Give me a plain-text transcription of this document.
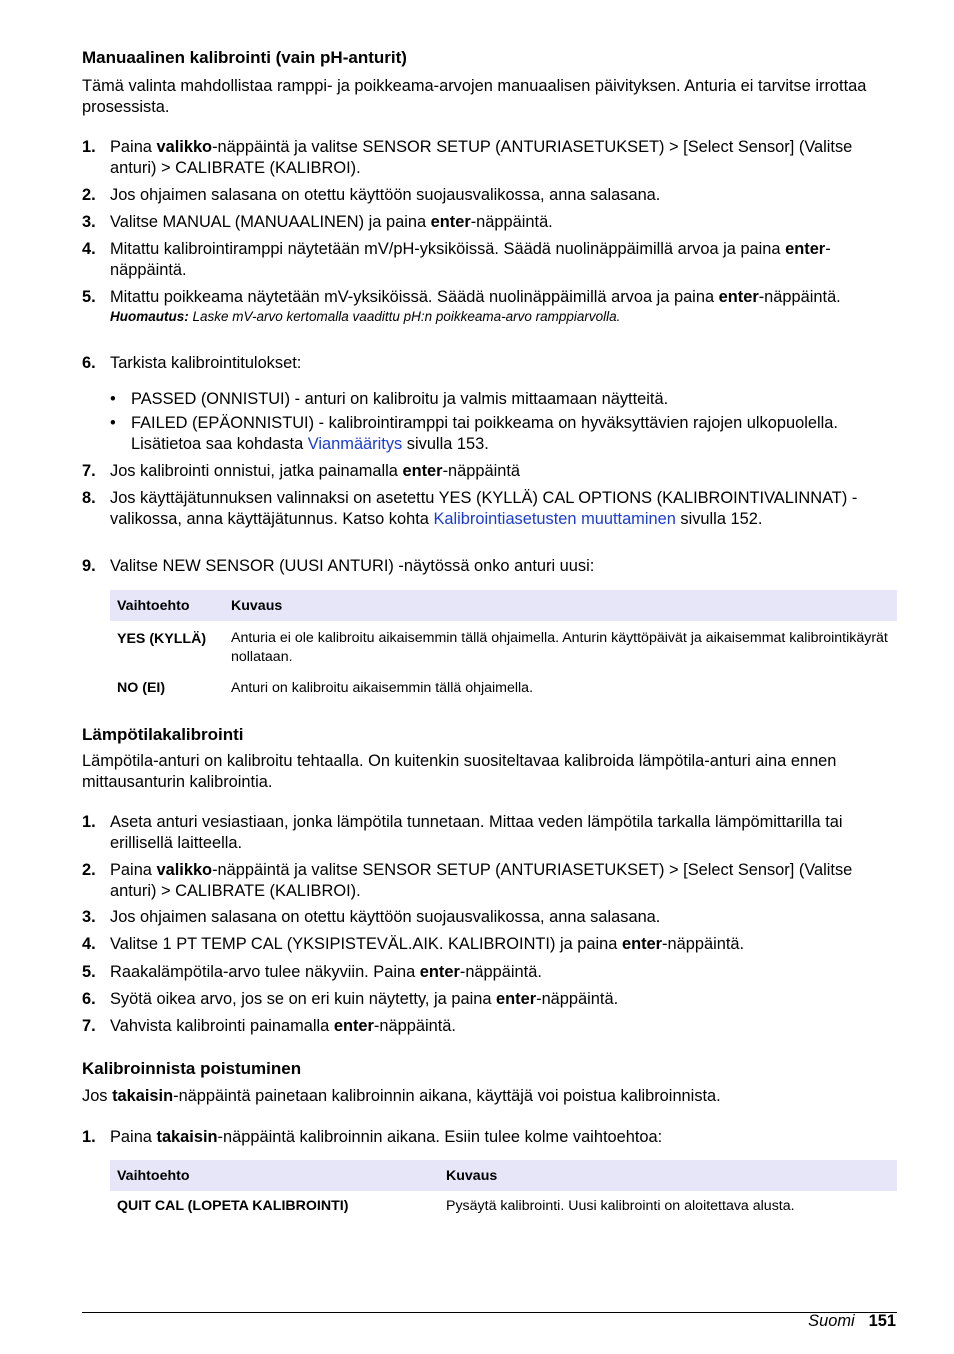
Manuaalinen kalibrointi (vain pH-anturit)
Tämä valinta mahdollistaa ramppi- ja poikkeama-arvojen manuaalisen päivityksen. Anturia ei tarvitse irrottaa prosessista.
1. Paina valikko-näppäintä ja valitse SENSOR SETUP (ANTURIASETUKSET) > [Select Sensor] (Valitse anturi) > CALIBRATE (KALIBROI).
2. Jos ohjaimen salasana on otettu käyttöön suojausvalikossa, anna salasana.
3. Valitse MANUAL (MANUAALINEN) ja paina enter-näppäintä.
4. Mitattu kalibrointiramppi näytetään mV/pH-yksiköissä. Säädä nuolinäppäimillä arvoa ja paina enter-näppäintä.
5. Mitattu poikkeama näytetään mV-yksiköissä. Säädä nuolinäppäimillä arvoa ja paina enter-näppäintä.
Huomautus: Laske mV-arvo kertomalla vaadittu pH:n poikkeama-arvo ramppiarvolla.
6. Tarkista kalibrointitulokset:
• PASSED (ONNISTUI) - anturi on kalibroitu ja valmis mittaamaan näytteitä.
• FAILED (EPÄONNISTUI) - kalibrointiramppi tai poikkeama on hyväksyttävien rajojen ulkopuolella. Lisätietoa saa kohdasta Vianmääritys sivulla 153.
7. Jos kalibrointi onnistui, jatka painamalla enter-näppäintä
8. Jos käyttäjätunnuksen valinnaksi on asetettu YES (KYLLÄ) CAL OPTIONS (KALIBROINTIVALINNAT) -valikossa, anna käyttäjätunnus. Katso kohta Kalibrointiasetusten muuttaminen sivulla 152.
9. Valitse NEW SENSOR (UUSI ANTURI) -näytössä onko anturi uusi:
Vaihtoehto	Kuvaus
YES (KYLLÄ)	Anturia ei ole kalibroitu aikaisemmin tällä ohjaimella. Anturin käyttöpäivät ja aikaisemmat kalibrointikäyrät nollataan.
NO (EI)	Anturi on kalibroitu aikaisemmin tällä ohjaimella.
Lämpötilakalibrointi
Lämpötila-anturi on kalibroitu tehtaalla. On kuitenkin suositeltavaa kalibroida lämpötila-anturi aina ennen mittausanturin kalibrointia.
1. Aseta anturi vesiastiaan, jonka lämpötila tunnetaan. Mittaa veden lämpötila tarkalla lämpömittarilla tai erillisellä laitteella.
2. Paina valikko-näppäintä ja valitse SENSOR SETUP (ANTURIASETUKSET) > [Select Sensor] (Valitse anturi) > CALIBRATE (KALIBROI).
3. Jos ohjaimen salasana on otettu käyttöön suojausvalikossa, anna salasana.
4. Valitse 1 PT TEMP CAL (YKSIPISTEVÄL.AIK. KALIBROINTI) ja paina enter-näppäintä.
5. Raakalämpötila-arvo tulee näkyviin. Paina enter-näppäintä.
6. Syötä oikea arvo, jos se on eri kuin näytetty, ja paina enter-näppäintä.
7. Vahvista kalibrointi painamalla enter-näppäintä.
Kalibroinnista poistuminen
Jos takaisin-näppäintä painetaan kalibroinnin aikana, käyttäjä voi poistua kalibroinnista.
1. Paina takaisin-näppäintä kalibroinnin aikana. Esiin tulee kolme vaihtoehtoa:
Vaihtoehto	Kuvaus
QUIT CAL (LOPETA KALIBROINTI)	Pysäytä kalibrointi. Uusi kalibrointi on aloitettava alusta.
Suomi 151
